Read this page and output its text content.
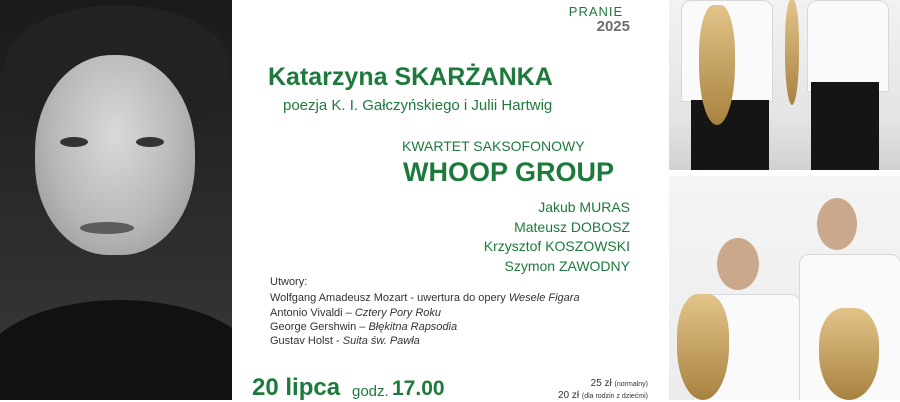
PRANIE
2025
Katarzyna SKARŻANKA
poezja K. I. Gałczyńskiego i Julii Hartwig
KWARTET SAKSOFONOWY
WHOOP GROUP
Jakub MURAS
Mateusz DOBOSZ
Krzysztof KOSZOWSKI
Szymon ZAWODNY
Utwory:
Wolfgang Amadeusz Mozart - uwertura do opery Wesele Figara
Antonio Vivaldi – Cztery Pory Roku
George Gershwin – Błękitna Rapsodia
Gustav Holst - Suita św. Pawła
20 lipca godz. 17.00	25 zł (normalny)
20 zł (dla rodzin z dziećmi)
